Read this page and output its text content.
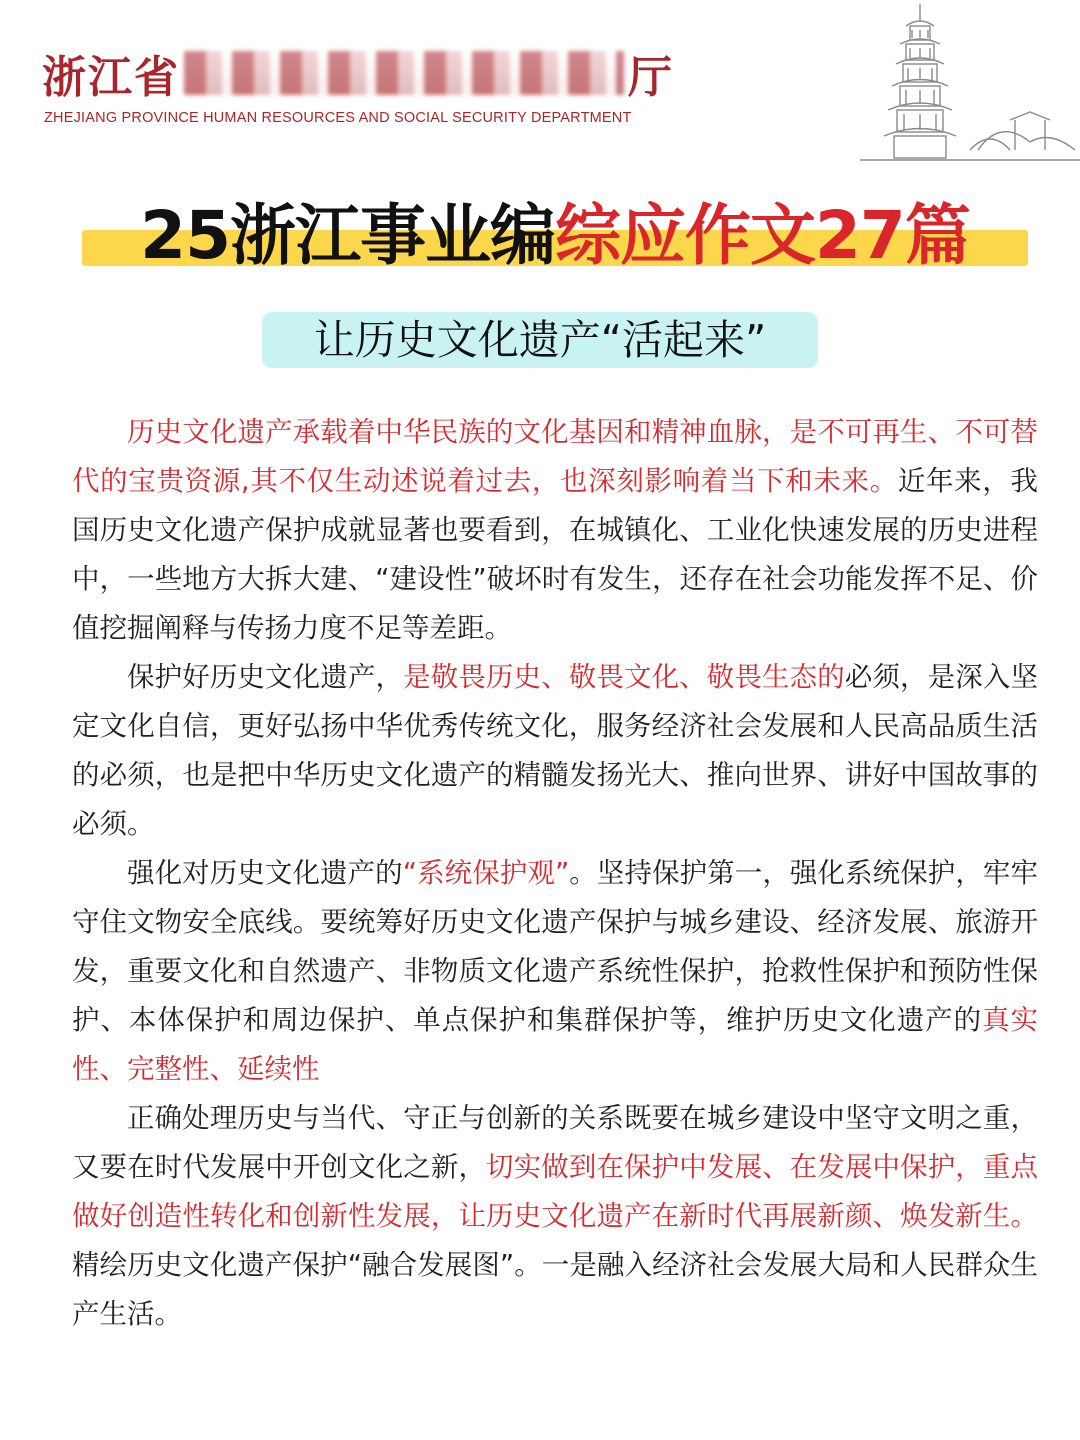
浙江省	厅
ZHEJIANG PROVINCE HUMAN RESOURCES AND SOCIAL SECURITY DEPARTMENT
25浙江事业编综应作文27篇
让历史文化遗产“活起来”

历史文化遗产承载着中华民族的文化基因和精神血脉，是不可再生、不可替代的宝贵资源,其不仅生动述说着过去，也深刻影响着当下和未来。近年来，我国历史文化遗产保护成就显著也要看到，在城镇化、工业化快速发展的历史进程中，一些地方大拆大建、“建设性”破坏时有发生，还存在社会功能发挥不足、价值挖掘阐释与传扬力度不足等差距。

保护好历史文化遗产，是敬畏历史、敬畏文化、敬畏生态的必须，是深入坚定文化自信，更好弘扬中华优秀传统文化，服务经济社会发展和人民高品质生活的必须，也是把中华历史文化遗产的精髓发扬光大、推向世界、讲好中国故事的必须。

强化对历史文化遗产的“系统保护观”。坚持保护第一，强化系统保护，牢牢守住文物安全底线。要统筹好历史文化遗产保护与城乡建设、经济发展、旅游开发，重要文化和自然遗产、非物质文化遗产系统性保护，抢救性保护和预防性保护、本体保护和周边保护、单点保护和集群保护等，维护历史文化遗产的真实性、完整性、延续性

正确处理历史与当代、守正与创新的关系既要在城乡建设中坚守文明之重，又要在时代发展中开创文化之新，切实做到在保护中发展、在发展中保护，重点做好创造性转化和创新性发展，让历史文化遗产在新时代再展新颜、焕发新生。精绘历史文化遗产保护“融合发展图”。一是融入经济社会发展大局和人民群众生产生活。
